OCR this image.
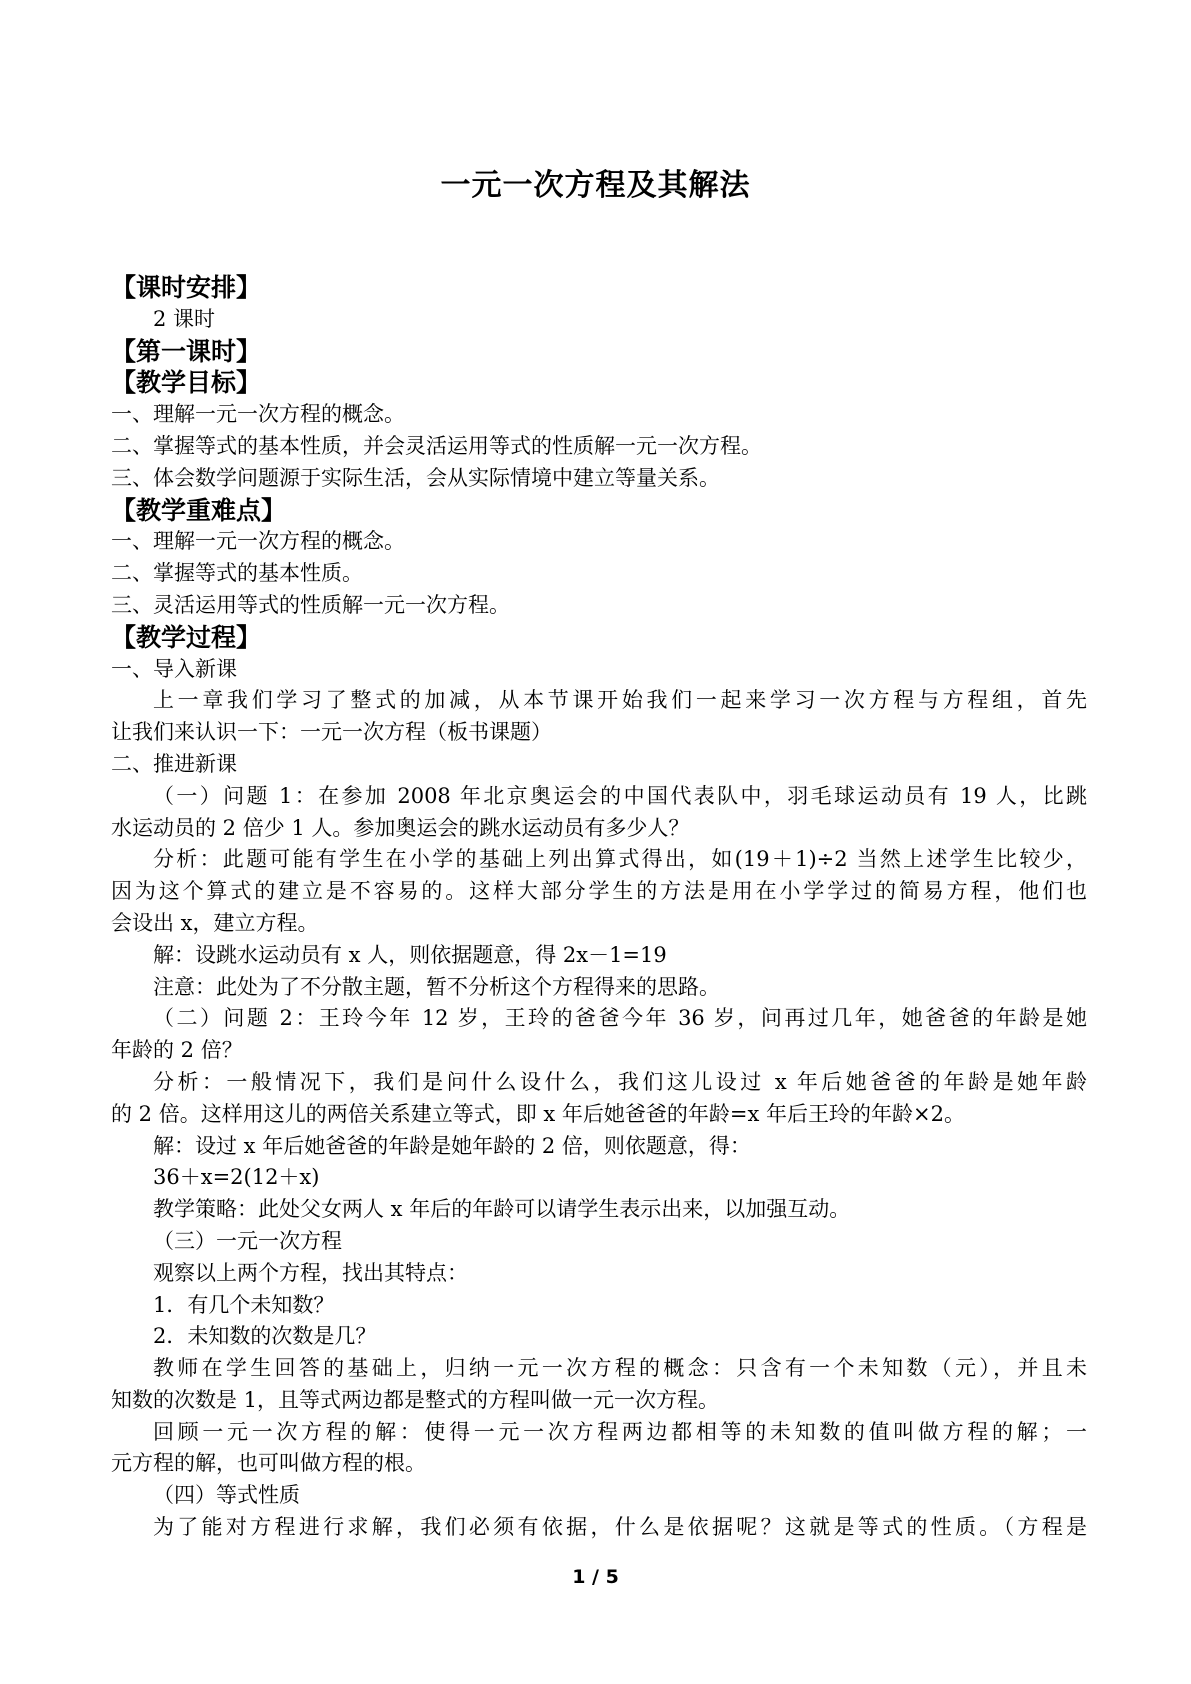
一元一次方程及其解法
【课时安排】
2 课时
【第一课时】
【教学目标】
一、理解一元一次方程的概念。
二、掌握等式的基本性质，并会灵活运用等式的性质解一元一次方程。
三、体会数学问题源于实际生活，会从实际情境中建立等量关系。
【教学重难点】
一、理解一元一次方程的概念。
二、掌握等式的基本性质。
三、灵活运用等式的性质解一元一次方程。
【教学过程】
一、导入新课
上一章我们学习了整式的加减，从本节课开始我们一起来学习一次方程与方程组，首先
让我们来认识一下：一元一次方程（板书课题）
二、推进新课
（一）问题 1：在参加 2008 年北京奥运会的中国代表队中，羽毛球运动员有 19 人，比跳
水运动员的 2 倍少 1 人。参加奥运会的跳水运动员有多少人？
分析：此题可能有学生在小学的基础上列出算式得出，如(19＋1)÷2 当然上述学生比较少，
因为这个算式的建立是不容易的。这样大部分学生的方法是用在小学学过的简易方程，他们也
会设出 x，建立方程。
解：设跳水运动员有 x 人，则依据题意，得 2x－1=19
注意：此处为了不分散主题，暂不分析这个方程得来的思路。
（二）问题 2：王玲今年 12 岁，王玲的爸爸今年 36 岁，问再过几年，她爸爸的年龄是她
年龄的 2 倍？
分析：一般情况下，我们是问什么设什么，我们这儿设过 x 年后她爸爸的年龄是她年龄
的 2 倍。这样用这儿的两倍关系建立等式，即 x 年后她爸爸的年龄=x 年后王玲的年龄×2。
解：设过 x 年后她爸爸的年龄是她年龄的 2 倍，则依题意，得：
36＋x=2(12＋x)
教学策略：此处父女两人 x 年后的年龄可以请学生表示出来，以加强互动。
（三）一元一次方程
观察以上两个方程，找出其特点：
1．有几个未知数？
2．未知数的次数是几？
教师在学生回答的基础上，归纳一元一次方程的概念：只含有一个未知数（元），并且未
知数的次数是 1，且等式两边都是整式的方程叫做一元一次方程。
回顾一元一次方程的解：使得一元一次方程两边都相等的未知数的值叫做方程的解；一
元方程的解，也可叫做方程的根。
（四）等式性质
为了能对方程进行求解，我们必须有依据，什么是依据呢？这就是等式的性质。（方程是
1 / 5
